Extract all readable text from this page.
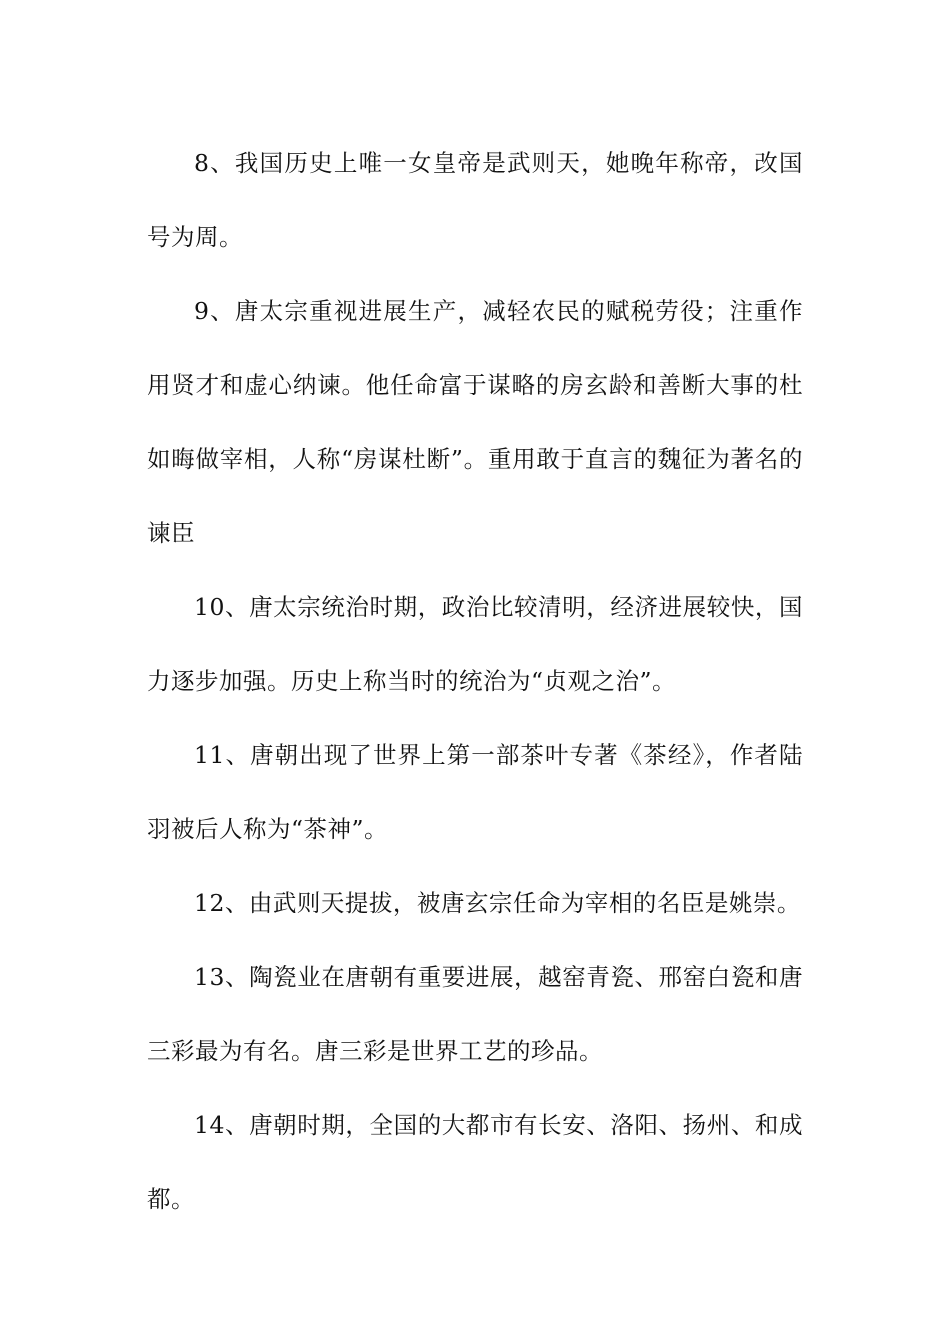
8、我国历史上唯一女皇帝是武则天，她晚年称帝，改国号为周。

9、唐太宗重视进展生产，减轻农民的赋税劳役；注重作用贤才和虚心纳谏。他任命富于谋略的房玄龄和善断大事的杜如晦做宰相，人称“房谋杜断”。重用敢于直言的魏征为著名的谏臣

10、唐太宗统治时期，政治比较清明，经济进展较快，国力逐步加强。历史上称当时的统治为“贞观之治”。

11、唐朝出现了世界上第一部茶叶专著《茶经》，作者陆羽被后人称为“茶神”。

12、由武则天提拔，被唐玄宗任命为宰相的名臣是姚崇。

13、陶瓷业在唐朝有重要进展，越窑青瓷、邢窑白瓷和唐三彩最为有名。唐三彩是世界工艺的珍品。

14、唐朝时期，全国的大都市有长安、洛阳、扬州、和成都。
